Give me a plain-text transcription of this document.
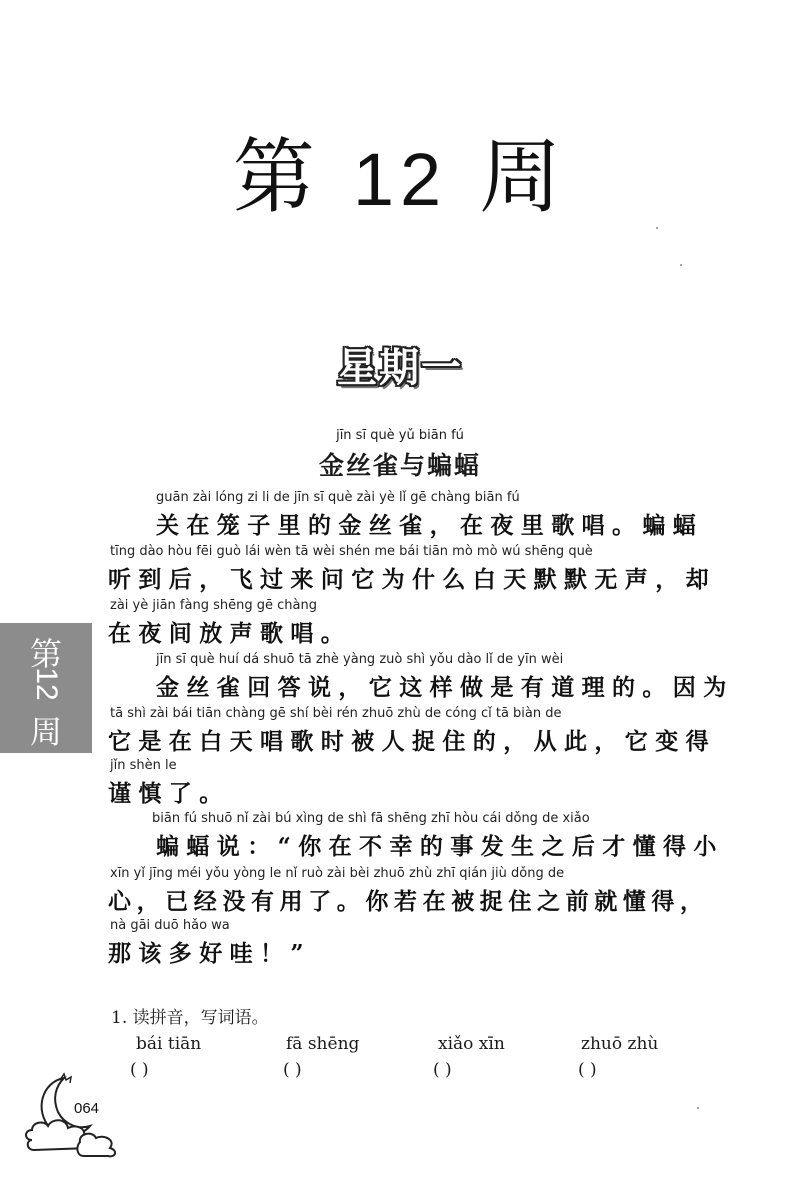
第 12 周
星期一
第
12
周
jīn sī què yǔ biān fú
金丝雀与蝙蝠
guān zài lóng zi li de jīn sī què zài yè lǐ gē chàng biān fú
关在笼子里的金丝雀，在夜里歌唱。蝙蝠
tīng dào hòu fēi guò lái wèn tā wèi shén me bái tiān mò mò wú shēng què
听到后，飞过来问它为什么白天默默无声，却
zài yè jiān fàng shēng gē chàng
在夜间放声歌唱。
jīn sī què huí dá shuō tā zhè yàng zuò shì yǒu dào lǐ de yīn wèi
金丝雀回答说，它这样做是有道理的。因为
tā shì zài bái tiān chàng gē shí bèi rén zhuō zhù de cóng cǐ tā biàn de
它是在白天唱歌时被人捉住的，从此，它变得
jǐn shèn le
谨慎了。
biān fú shuō nǐ zài bú xìng de shì fā shēng zhī hòu cái dǒng de xiǎo
蝙蝠说：“你在不幸的事发生之后才懂得小
xīn yǐ jīng méi yǒu yòng le nǐ ruò zài bèi zhuō zhù zhī qián jiù dǒng de
心，已经没有用了。你若在被捉住之前就懂得，
nà gāi duō hǎo wa
那该多好哇！”
1. 读拼音，写词语。
bái tiān	fā shēng	xiǎo xīn	zhuō zhù
( )	( )	( )	( )
064
